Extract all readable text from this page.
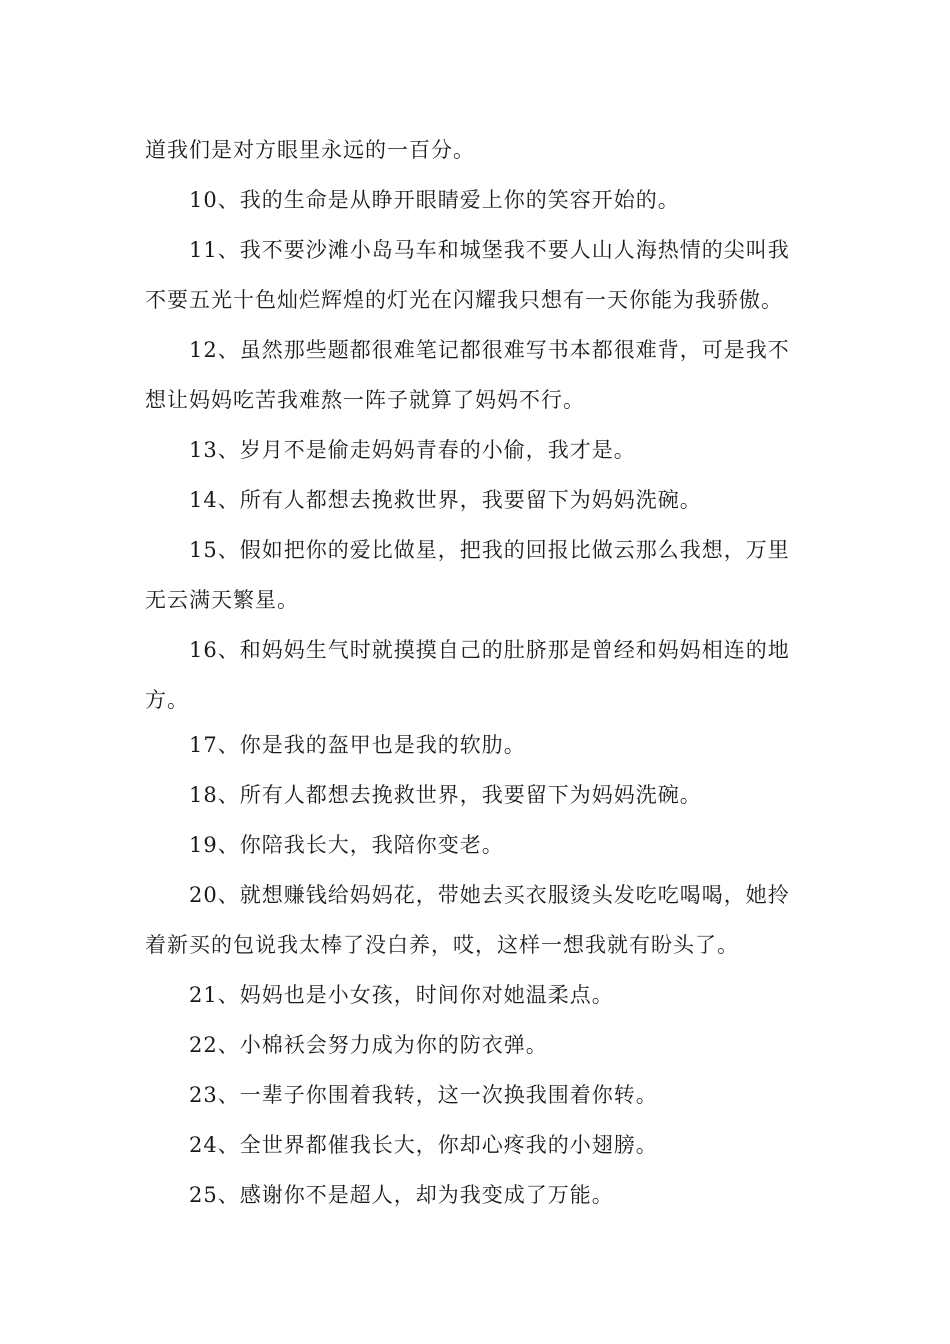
道我们是对方眼里永远的一百分。

10、我的生命是从睁开眼睛爱上你的笑容开始的。

11、我不要沙滩小岛马车和城堡我不要人山人海热情的尖叫我
不要五光十色灿烂辉煌的灯光在闪耀我只想有一天你能为我骄傲。

12、虽然那些题都很难笔记都很难写书本都很难背，可是我不
想让妈妈吃苦我难熬一阵子就算了妈妈不行。

13、岁月不是偷走妈妈青春的小偷，我才是。

14、所有人都想去挽救世界，我要留下为妈妈洗碗。

15、假如把你的爱比做星，把我的回报比做云那么我想，万里
无云满天繁星。

16、和妈妈生气时就摸摸自己的肚脐那是曾经和妈妈相连的地
方。

17、你是我的盔甲也是我的软肋。

18、所有人都想去挽救世界，我要留下为妈妈洗碗。

19、你陪我长大，我陪你变老。

20、就想赚钱给妈妈花，带她去买衣服烫头发吃吃喝喝，她拎
着新买的包说我太棒了没白养，哎，这样一想我就有盼头了。

21、妈妈也是小女孩，时间你对她温柔点。

22、小棉袄会努力成为你的防衣弹。

23、一辈子你围着我转，这一次换我围着你转。

24、全世界都催我长大，你却心疼我的小翅膀。

25、感谢你不是超人，却为我变成了万能。
